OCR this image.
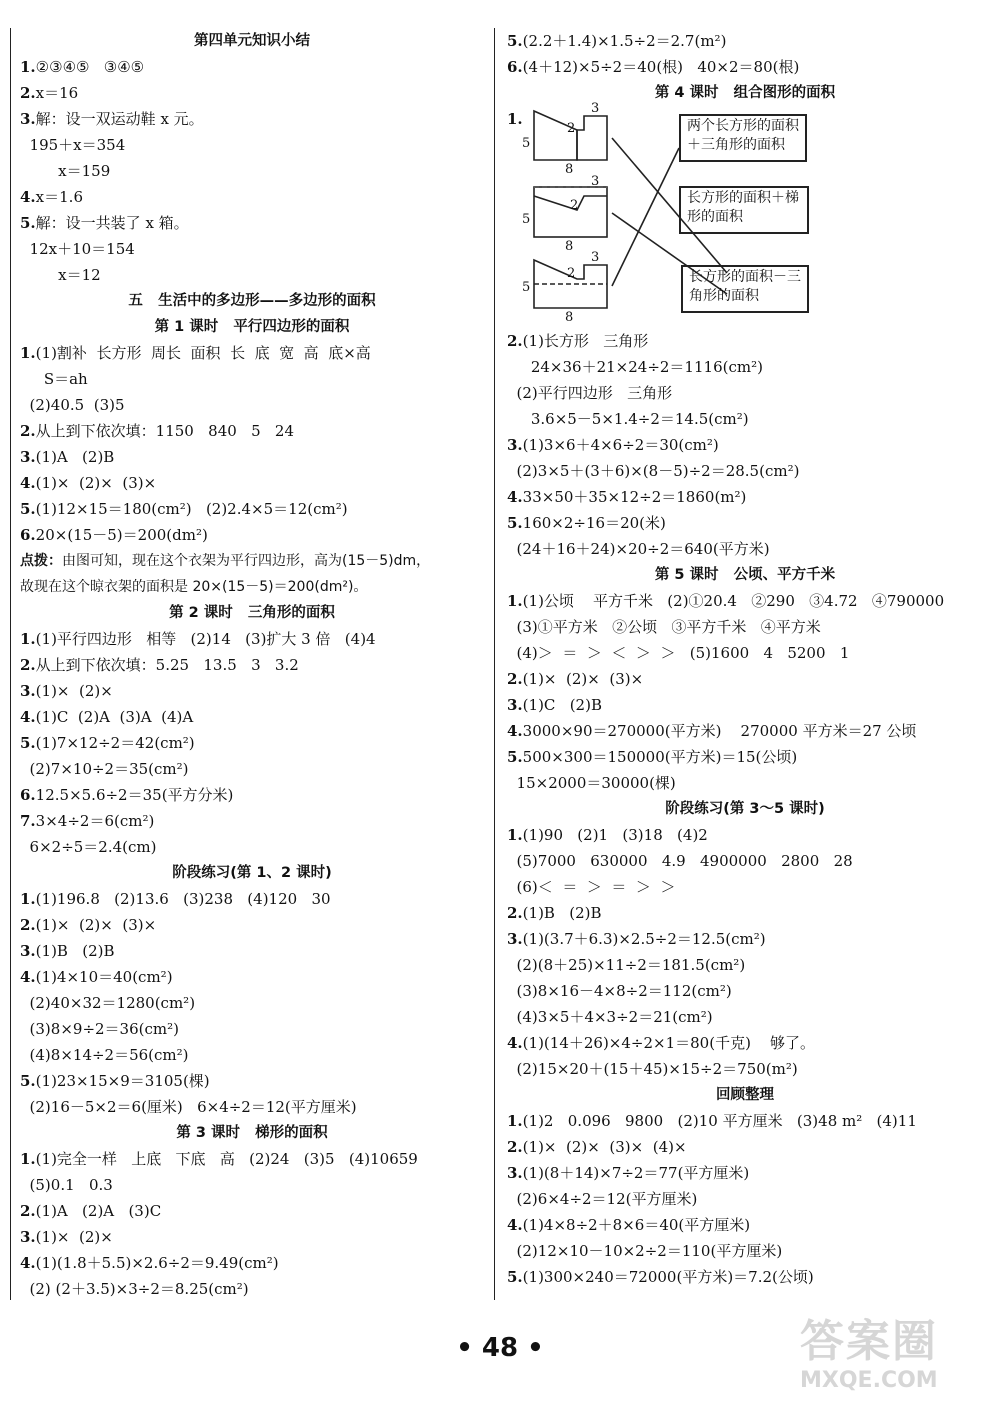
第四单元知识小结
1.②③④⑤   ③④⑤
2.x＝16
3.解：设一双运动鞋 x 元。
195＋x＝354
x＝159
4.x＝1.6
5.解：设一共装了 x 箱。
12x＋10＝154
x＝12
五   生活中的多边形——多边形的面积
第 1 课时   平行四边形的面积
1.(1)割补  长方形  周长  面积  长  底  宽  高  底×高
S＝ah
(2)40.5  (3)5
2.从上到下依次填：1150   840   5   24
3.(1)A   (2)B
4.(1)×  (2)×  (3)×
5.(1)12×15＝180(cm²)   (2)2.4×5＝12(cm²)
6.20×(15－5)＝200(dm²)
点拨：由图可知，现在这个衣架为平行四边形，高为(15－5)dm，
故现在这个晾衣架的面积是 20×(15－5)＝200(dm²)。
第 2 课时   三角形的面积
1.(1)平行四边形   相等   (2)14   (3)扩大 3 倍   (4)4
2.从上到下依次填：5.25   13.5   3   3.2
3.(1)×  (2)×
4.(1)C  (2)A  (3)A  (4)A
5.(1)7×12÷2＝42(cm²)
(2)7×10÷2＝35(cm²)
6.12.5×5.6÷2＝35(平方分米)
7.3×4÷2＝6(cm²)
6×2÷5＝2.4(cm)
阶段练习(第 1、2 课时)
1.(1)196.8   (2)13.6   (3)238   (4)120   30
2.(1)×  (2)×  (3)×
3.(1)B   (2)B
4.(1)4×10＝40(cm²)
(2)40×32＝1280(cm²)
(3)8×9÷2＝36(cm²)
(4)8×14÷2＝56(cm²)
5.(1)23×15×9＝3105(棵)
(2)16－5×2＝6(厘米)   6×4÷2＝12(平方厘米)
第 3 课时   梯形的面积
1.(1)完全一样   上底   下底   高   (2)24   (3)5   (4)10659
(5)0.1   0.3
2.(1)A   (2)A   (3)C
3.(1)×  (2)×
4.(1)(1.8＋5.5)×2.6÷2＝9.49(cm²)
(2) (2＋3.5)×3÷2＝8.25(cm²)
5.(2.2＋1.4)×1.5÷2＝2.7(m²)
6.(4＋12)×5÷2＝40(根)   40×2＝80(根)
第 4 课时   组合图形的面积
1.
3
2
5
8
3
2
5
8
3
2
5
8
两个长方形的面积＋三角形的面积
长方形的面积＋梯形的面积
长方形的面积－三角形的面积
2.(1)长方形   三角形
24×36＋21×24÷2＝1116(cm²)
(2)平行四边形   三角形
3.6×5－5×1.4÷2＝14.5(cm²)
3.(1)3×6＋4×6÷2＝30(cm²)
(2)3×5＋(3＋6)×(8－5)÷2＝28.5(cm²)
4.33×50＋35×12÷2＝1860(m²)
5.160×2÷16＝20(米)
(24＋16＋24)×20÷2＝640(平方米)
第 5 课时   公顷、平方千米
1.(1)公顷    平方千米   (2)①20.4   ②290   ③4.72   ④790000
(3)①平方米   ②公顷   ③平方千米   ④平方米
(4)＞  ＝  ＞  ＜  ＞  ＞   (5)1600   4   5200   1
2.(1)×  (2)×  (3)×
3.(1)C   (2)B
4.3000×90＝270000(平方米)    270000 平方米＝27 公顷
5.500×300＝150000(平方米)＝15(公顷)
15×2000＝30000(棵)
阶段练习(第 3～5 课时)
1.(1)90   (2)1   (3)18   (4)2
(5)7000   630000   4.9   4900000   2800   28
(6)＜  ＝  ＞  ＝  ＞  ＞
2.(1)B   (2)B
3.(1)(3.7＋6.3)×2.5÷2＝12.5(cm²)
(2)(8＋25)×11÷2＝181.5(cm²)
(3)8×16－4×8÷2＝112(cm²)
(4)3×5＋4×3÷2＝21(cm²)
4.(1)(14＋26)×4÷2×1＝80(千克)    够了。
(2)15×20＋(15＋45)×15÷2＝750(m²)
回顾整理
1.(1)2   0.096   9800   (2)10 平方厘米   (3)48 m²   (4)11
2.(1)×  (2)×  (3)×  (4)×
3.(1)(8＋14)×7÷2＝77(平方厘米)
(2)6×4÷2＝12(平方厘米)
4.(1)4×8÷2＋8×6＝40(平方厘米)
(2)12×10－10×2÷2＝110(平方厘米)
5.(1)300×240＝72000(平方米)＝7.2(公顷)
• 48 •	答案圈
MXQE.COM
